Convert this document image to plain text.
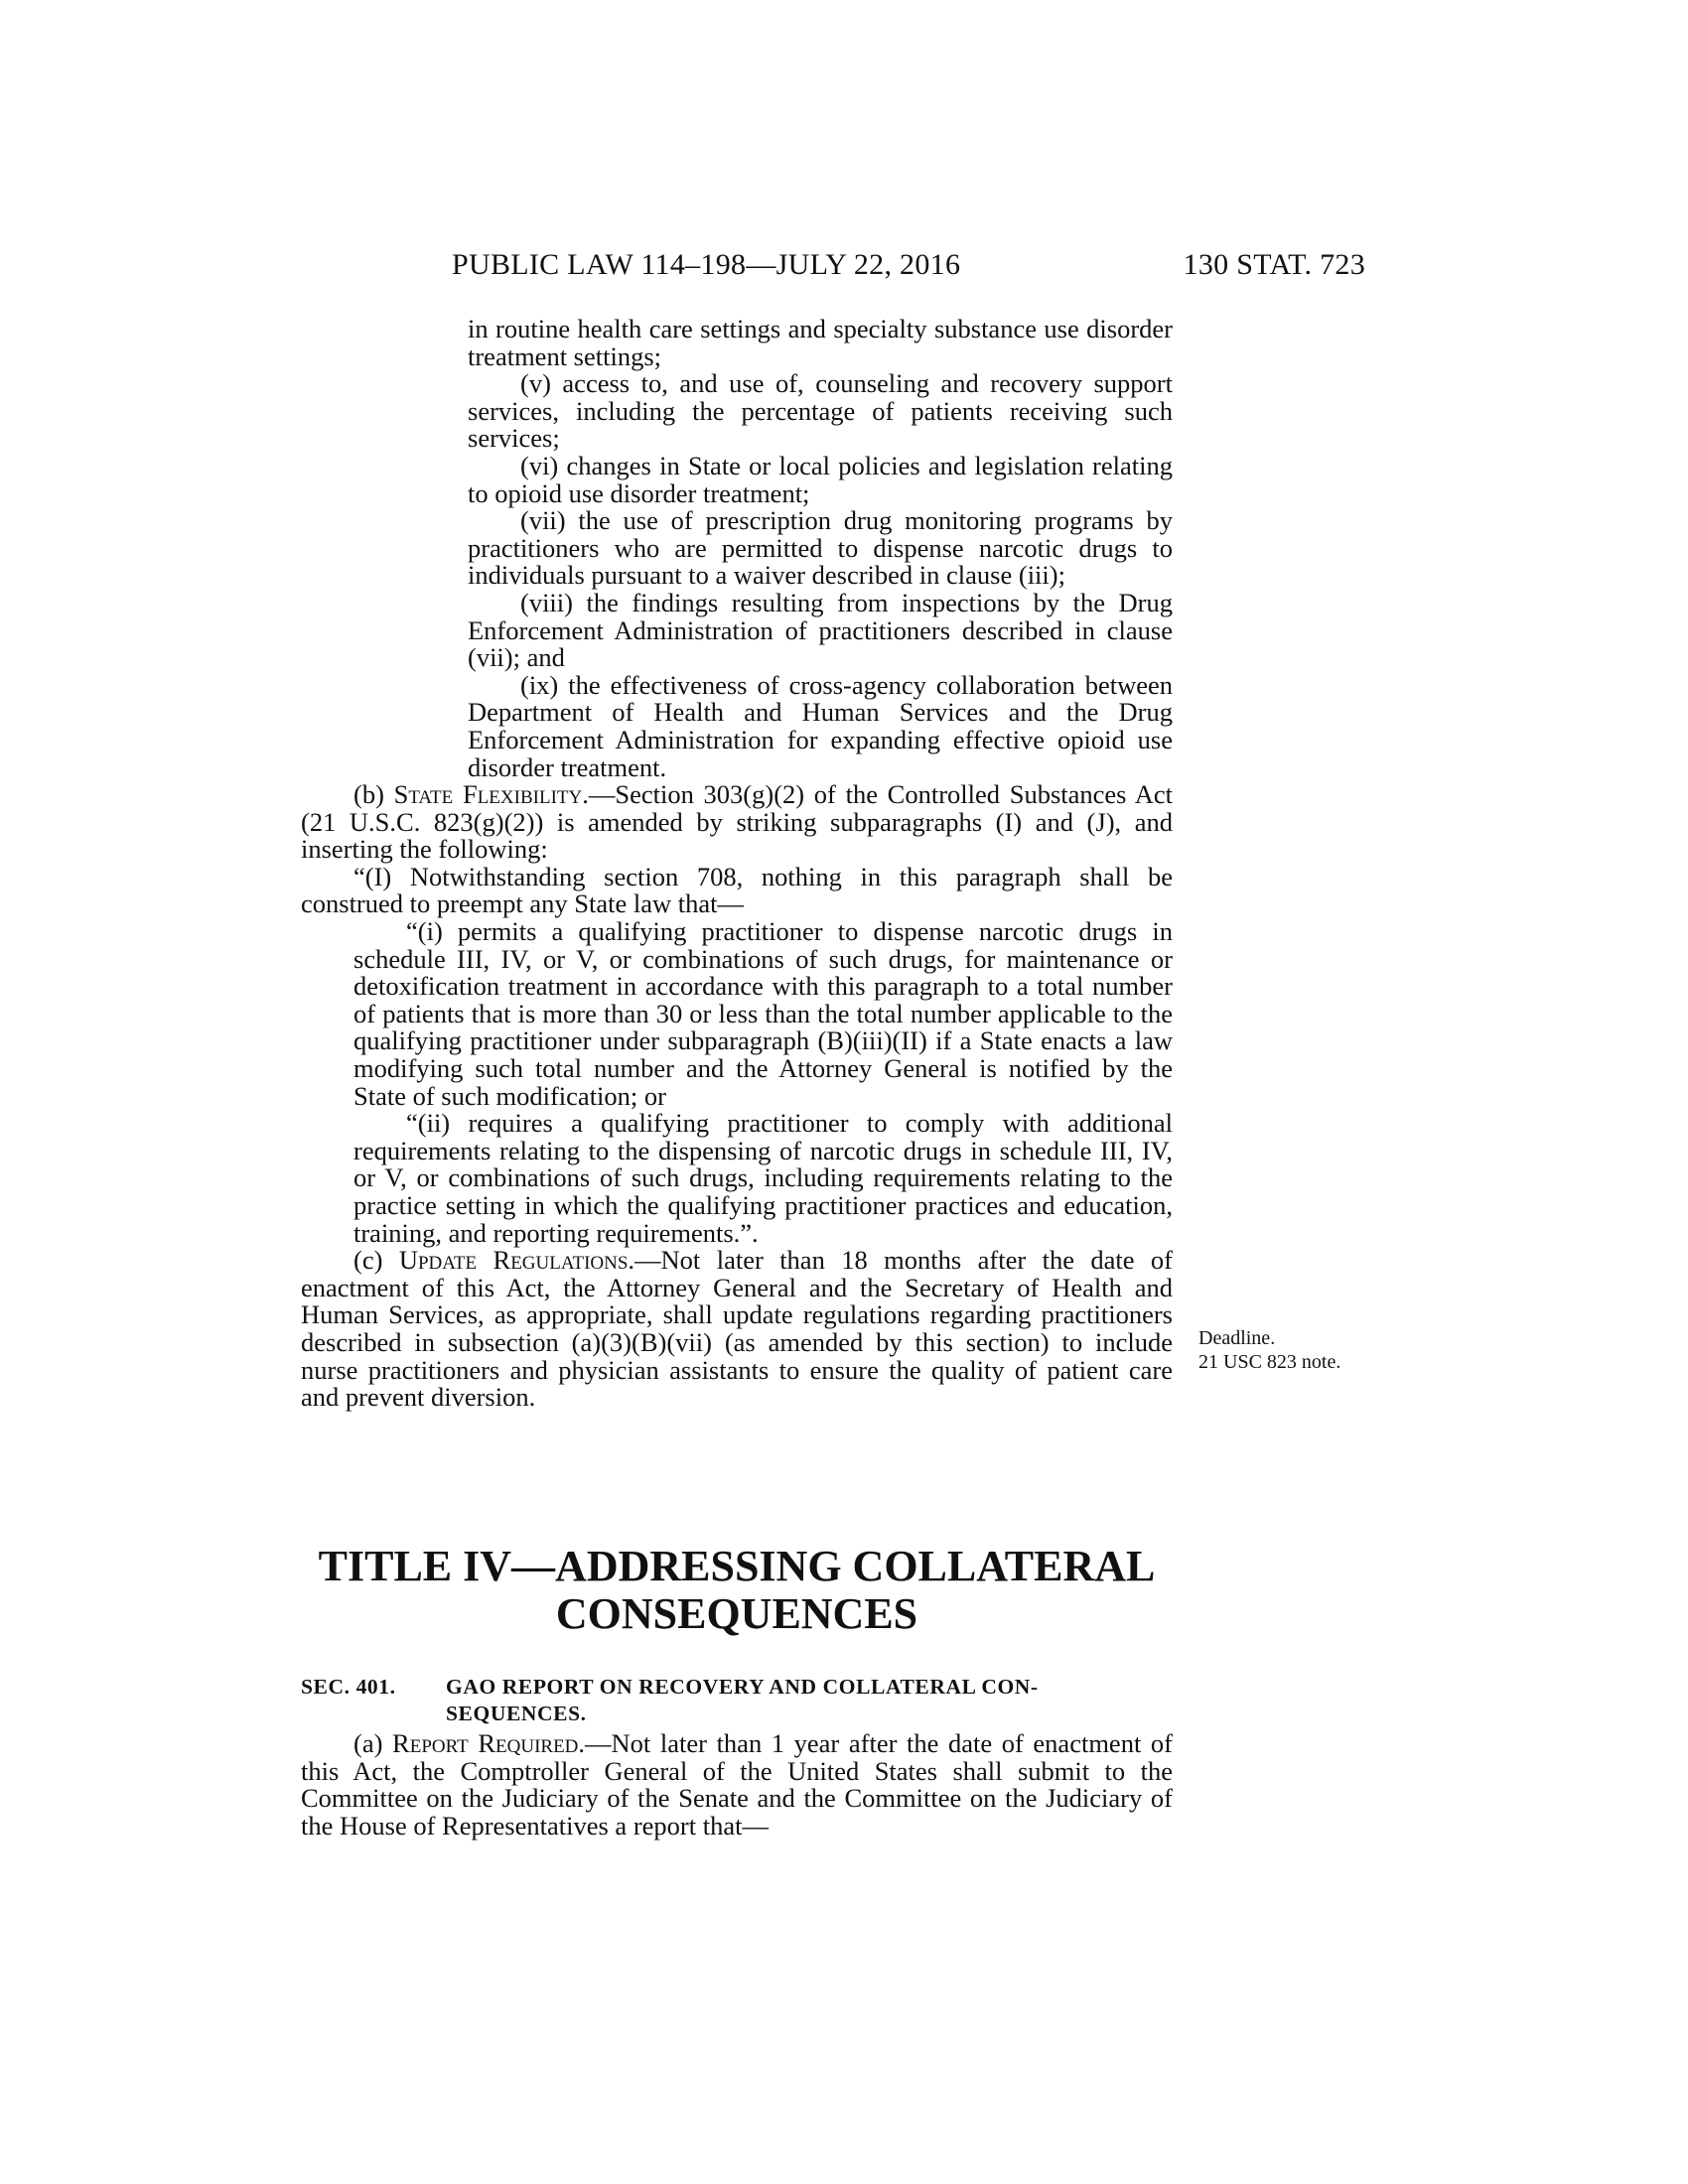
PUBLIC LAW 114–198—JULY 22, 2016	130 STAT. 723

in routine health care settings and specialty substance use disorder treatment settings;

(v) access to, and use of, counseling and recovery support services, including the percentage of patients receiving such services;

(vi) changes in State or local policies and legislation relating to opioid use disorder treatment;

(vii) the use of prescription drug monitoring programs by practitioners who are permitted to dispense narcotic drugs to individuals pursuant to a waiver described in clause (iii);

(viii) the findings resulting from inspections by the Drug Enforcement Administration of practitioners described in clause (vii); and

(ix) the effectiveness of cross-agency collaboration between Department of Health and Human Services and the Drug Enforcement Administration for expanding effective opioid use disorder treatment.

(b) State Flexibility.—Section 303(g)(2) of the Controlled Substances Act (21 U.S.C. 823(g)(2)) is amended by striking subparagraphs (I) and (J), and inserting the following:

“(I) Notwithstanding section 708, nothing in this paragraph shall be construed to preempt any State law that—

“(i) permits a qualifying practitioner to dispense narcotic drugs in schedule III, IV, or V, or combinations of such drugs, for maintenance or detoxification treatment in accordance with this paragraph to a total number of patients that is more than 30 or less than the total number applicable to the qualifying practitioner under subparagraph (B)(iii)(II) if a State enacts a law modifying such total number and the Attorney General is notified by the State of such modification; or

“(ii) requires a qualifying practitioner to comply with additional requirements relating to the dispensing of narcotic drugs in schedule III, IV, or V, or combinations of such drugs, including requirements relating to the practice setting in which the qualifying practitioner practices and education, training, and reporting requirements.”.

(c) Update Regulations.—Not later than 18 months after the date of enactment of this Act, the Attorney General and the Secretary of Health and Human Services, as appropriate, shall update regulations regarding practitioners described in subsection (a)(3)(B)(vii) (as amended by this section) to include nurse practitioners and physician assistants to ensure the quality of patient care and prevent diversion.

Deadline.
21 USC 823 note.
TITLE IV—ADDRESSING COLLATERAL
CONSEQUENCES
SEC. 401. GAO REPORT ON RECOVERY AND COLLATERAL CON-
SEQUENCES.

(a) Report Required.—Not later than 1 year after the date of enactment of this Act, the Comptroller General of the United States shall submit to the Committee on the Judiciary of the Senate and the Committee on the Judiciary of the House of Representatives a report that—
